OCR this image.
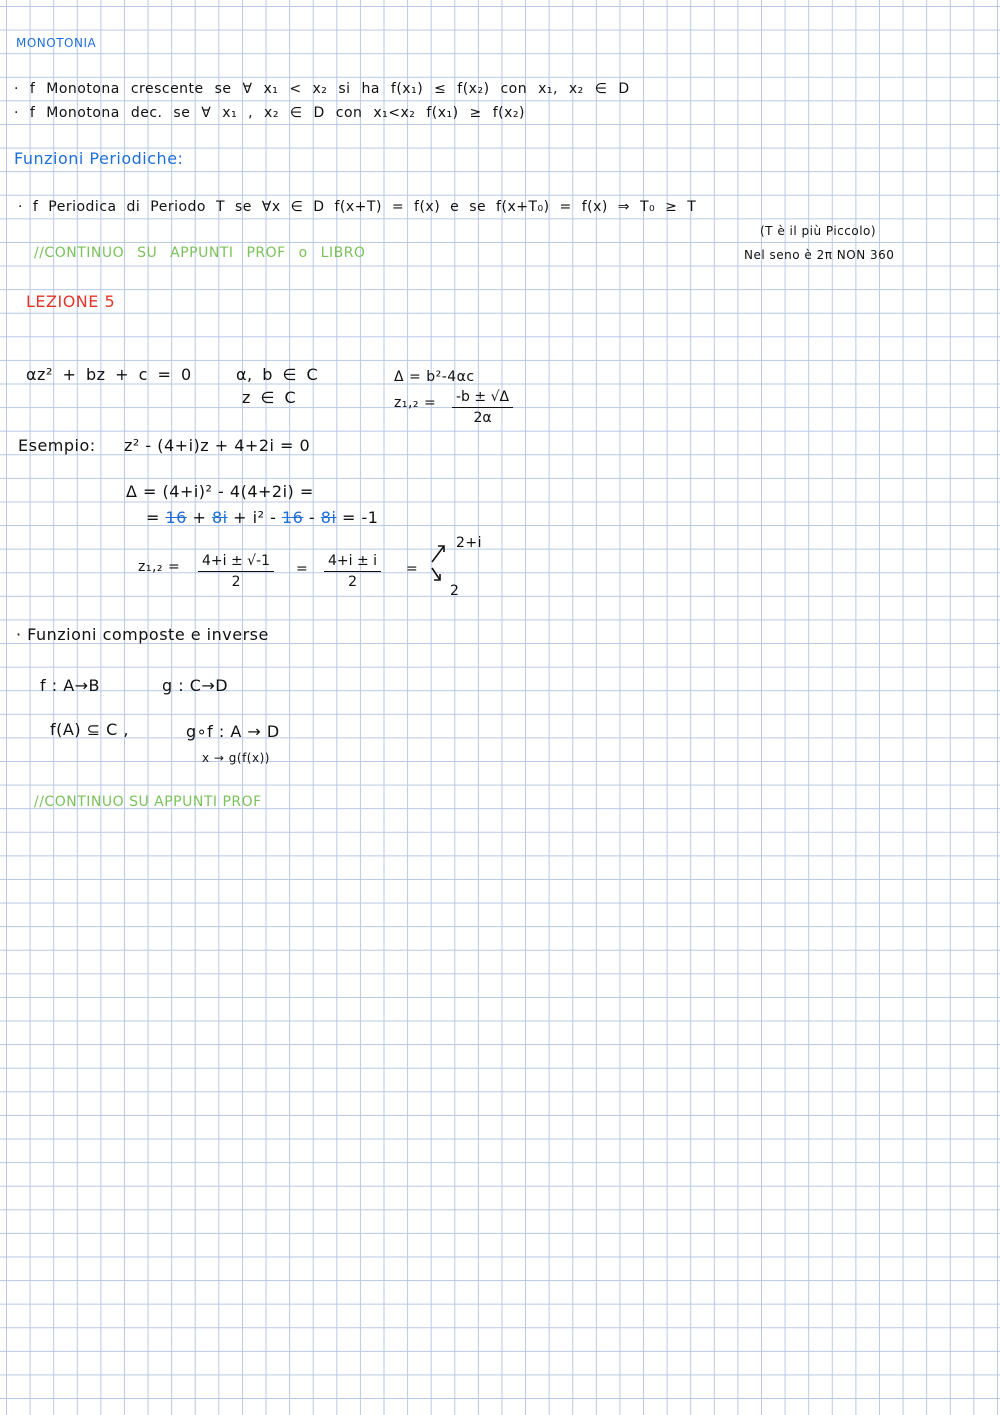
MONOTONIA
· f Monotona crescente se ∀ x₁ < x₂ si ha f(x₁) ≤ f(x₂) con x₁, x₂ ∈ D
· f Monotona dec. se ∀ x₁ , x₂ ∈ D con x₁<x₂ f(x₁) ≥ f(x₂)
Funzioni Periodiche:
· f Periodica di Periodo T se ∀x ∈ D f(x+T) = f(x) e se f(x+T₀) = f(x) ⇒ T₀ ≥ T
(T è il più Piccolo)
Nel seno è 2π NON 360
//CONTINUO SU APPUNTI PROF o LIBRO
LEZIONE 5
αz² + bz + c = 0	α, b ∈ C
z ∈ C
Δ = b²-4αc
$z_1,_2 = \frac{-b \pm √\Delta}{2\alpha}$
Esempio: z² - (4+i)z + 4+2i = 0
Δ = (4+i)² - 4(4+2i) =
= 16 + 8i + i² - 16 - 8i = -1
$z_1,_2 = \frac{4+i \pm √-1}{2} = \frac{4+i \pm i}{2}$ =
2+i
2
· Funzioni composte e inverse
f : A→B	g : C→D
f(A) ⊆ C ,	g∘f : A → D
x → g(f(x))
//CONTINUO SU APPUNTI PROF
